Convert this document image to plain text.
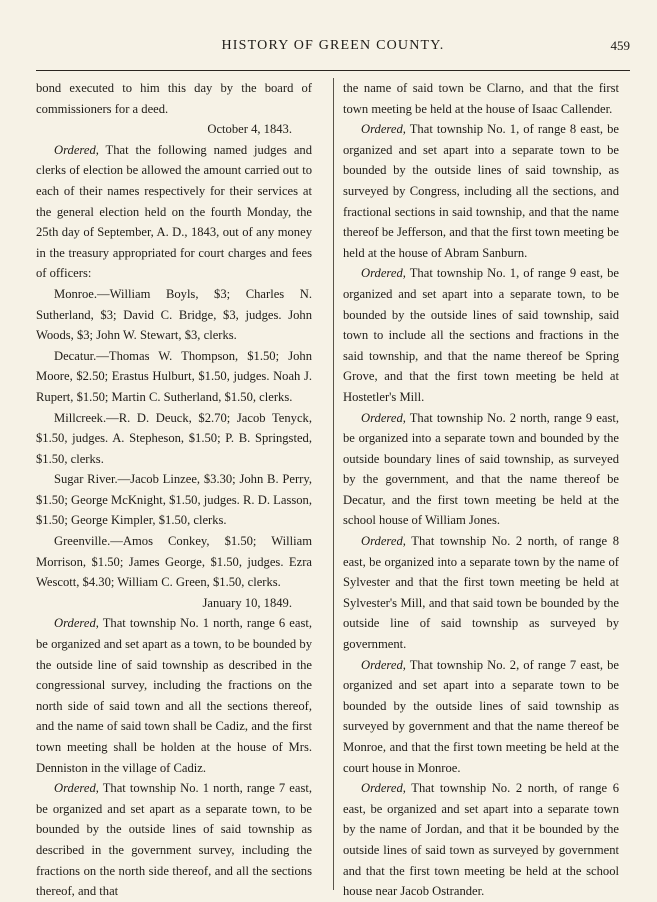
HISTORY OF GREEN COUNTY.	459

bond executed to him this day by the board of commissioners for a deed.

October 4, 1843.

Ordered, That the following named judges and clerks of election be allowed the amount carried out to each of their names respectively for their services at the general election held on the fourth Monday, the 25th day of September, A. D., 1843, out of any money in the treasury appropriated for court charges and fees of officers:

Monroe.—William Boyls, $3; Charles N. Sutherland, $3; David C. Bridge, $3, judges. John Woods, $3; John W. Stewart, $3, clerks.

Decatur.—Thomas W. Thompson, $1.50; John Moore, $2.50; Erastus Hulburt, $1.50, judges. Noah J. Rupert, $1.50; Martin C. Sutherland, $1.50, clerks.

Millcreek.—R. D. Deuck, $2.70; Jacob Tenyck, $1.50, judges. A. Stepheson, $1.50; P. B. Springsted, $1.50, clerks.

Sugar River.—Jacob Linzee, $3.30; John B. Perry, $1.50; George McKnight, $1.50, judges. R. D. Lasson, $1.50; George Kimpler, $1.50, clerks.

Greenville.—Amos Conkey, $1.50; William Morrison, $1.50; James George, $1.50, judges. Ezra Wescott, $4.30; William C. Green, $1.50, clerks.

January 10, 1849.

Ordered, That township No. 1 north, range 6 east, be organized and set apart as a town, to be bounded by the outside line of said township as described in the congressional survey, including the fractions on the north side of said town and all the sections thereof, and the name of said town shall be Cadiz, and the first town meeting shall be holden at the house of Mrs. Denniston in the village of Cadiz.

Ordered, That township No. 1 north, range 7 east, be organized and set apart as a separate town, to be bounded by the outside lines of said township as described in the government survey, including the fractions on the north side thereof, and all the sections thereof, and that

the name of said town be Clarno, and that the first town meeting be held at the house of Isaac Callender.

Ordered, That township No. 1, of range 8 east, be organized and set apart into a separate town to be bounded by the outside lines of said township, as surveyed by Congress, including all the sections, and fractional sections in said township, and that the name thereof be Jefferson, and that the first town meeting be held at the house of Abram Sanburn.

Ordered, That township No. 1, of range 9 east, be organized and set apart into a separate town, to be bounded by the outside lines of said township, said town to include all the sections and fractions in the said township, and that the name thereof be Spring Grove, and that the first town meeting be held at Hostetler's Mill.

Ordered, That township No. 2 north, range 9 east, be organized into a separate town and bounded by the outside boundary lines of said township, as surveyed by the government, and that the name thereof be Decatur, and the first town meeting be held at the school house of William Jones.

Ordered, That township No. 2 north, of range 8 east, be organized into a separate town by the name of Sylvester and that the first town meeting be held at Sylvester's Mill, and that said town be bounded by the outside line of said township as surveyed by government.

Ordered, That township No. 2, of range 7 east, be organized and set apart into a separate town to be bounded by the outside lines of said township as surveyed by government and that the name thereof be Monroe, and that the first town meeting be held at the court house in Monroe.

Ordered, That township No. 2 north, of range 6 east, be organized and set apart into a separate town by the name of Jordan, and that it be bounded by the outside lines of said town as surveyed by government and that the first town meeting be held at the school house near Jacob Ostrander.
